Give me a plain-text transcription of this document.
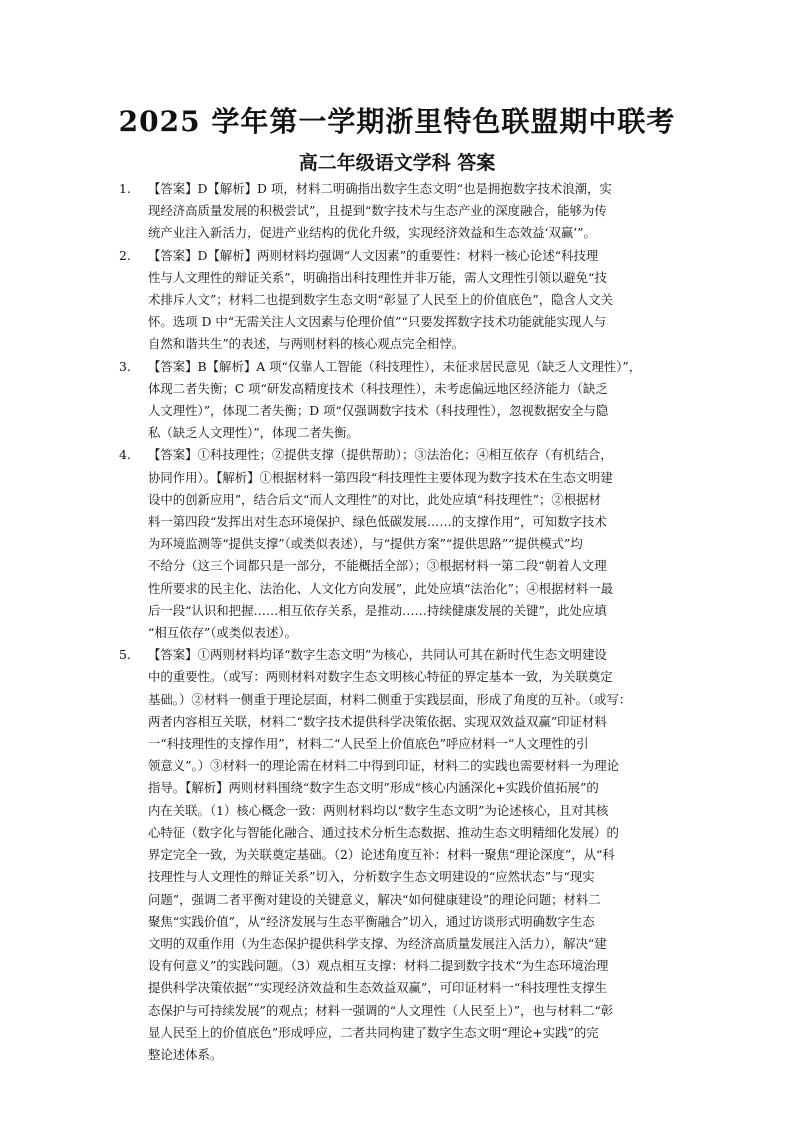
2025 学年第一学期浙里特色联盟期中联考
高二年级语文学科 答案
1. 【答案】D【解析】D 项，材料二明确指出数字生态文明“也是拥抱数字技术浪潮，实
现经济高质量发展的积极尝试”，且提到“数字技术与生态产业的深度融合，能够为传
统产业注入新活力，促进产业结构的优化升级，实现经济效益和生态效益‘双赢’”。

2. 【答案】D【解析】两则材料均强调“人文因素”的重要性：材料一核心论述“科技理
性与人文理性的辩证关系”，明确指出科技理性并非万能，需人文理性引领以避免“技
术排斥人文”；材料二也提到数字生态文明“彰显了人民至上的价值底色”，隐含人文关
怀。选项 D 中“无需关注人文因素与伦理价值”“只要发挥数字技术功能就能实现人与
自然和谐共生”的表述，与两则材料的核心观点完全相悖。

3. 【答案】B【解析】A 项“仅靠人工智能（科技理性），未征求居民意见（缺乏人文理性）”，
体现二者失衡；C 项“研发高精度技术（科技理性），未考虑偏远地区经济能力（缺乏
人文理性）”，体现二者失衡；D 项“仅强调数字技术（科技理性），忽视数据安全与隐
私（缺乏人文理性）”，体现二者失衡。

4. 【答案】①科技理性；②提供支撑（提供帮助）；③法治化；④相互依存（有机结合，
协同作用）。【解析】①根据材料一第四段“科技理性主要体现为数字技术在生态文明建
设中的创新应用”，结合后文“而人文理性”的对比，此处应填“科技理性”；②根据材
料一第四段“发挥出对生态环境保护、绿色低碳发展……的支撑作用”，可知数字技术
为环境监测等“提供支撑”（或类似表述），与“提供方案”“提供思路”“提供模式”均
不给分（这三个词都只是一部分，不能概括全部）；③根据材料一第二段“朝着人文理
性所要求的民主化、法治化、人文化方向发展”，此处应填“法治化”；④根据材料一最
后一段“认识和把握……相互依存关系，是推动……持续健康发展的关键”，此处应填
“相互依存”（或类似表述）。

5. 【答案】①两则材料均译“数字生态文明”为核心，共同认可其在新时代生态文明建设
中的重要性。（或写：两则材料对数字生态文明核心特征的界定基本一致，为关联奠定
基础。）②材料一侧重于理论层面，材料二侧重于实践层面，形成了角度的互补。（或写：
两者内容相互关联，材料二“数字技术提供科学决策依据、实现双效益双赢”印证材料
一“科技理性的支撑作用”，材料二“人民至上价值底色”呼应材料一“人文理性的引
领意义”。）③材料一的理论需在材料二中得到印证，材料二的实践也需要材料一为理论
指导。【解析】两则材料围绕“数字生态文明”形成“核心内涵深化+实践价值拓展”的
内在关联。（1）核心概念一致：两则材料均以“数字生态文明”为论述核心，且对其核
心特征（数字化与智能化融合、通过技术分析生态数据、推动生态文明精细化发展）的
界定完全一致，为关联奠定基础。（2）论述角度互补：材料一聚焦“理论深度”，从“科
技理性与人文理性的辩证关系”切入，分析数字生态文明建设的“应然状态”与“现实
问题”，强调二者平衡对建设的关键意义，解决“如何健康建设”的理论问题；材料二
聚焦“实践价值”，从“经济发展与生态平衡融合”切入，通过访谈形式明确数字生态
文明的双重作用（为生态保护提供科学支撑、为经济高质量发展注入活力），解决“建
设有何意义”的实践问题。（3）观点相互支撑：材料二提到数字技术“为生态环境治理
提供科学决策依据”“实现经济效益和生态效益双赢”，可印证材料一“科技理性支撑生
态保护与可持续发展”的观点；材料一强调的“人文理性（人民至上）”，也与材料二“彰
显人民至上的价值底色”形成呼应，二者共同构建了数字生态文明“理论+实践”的完
整论述体系。
